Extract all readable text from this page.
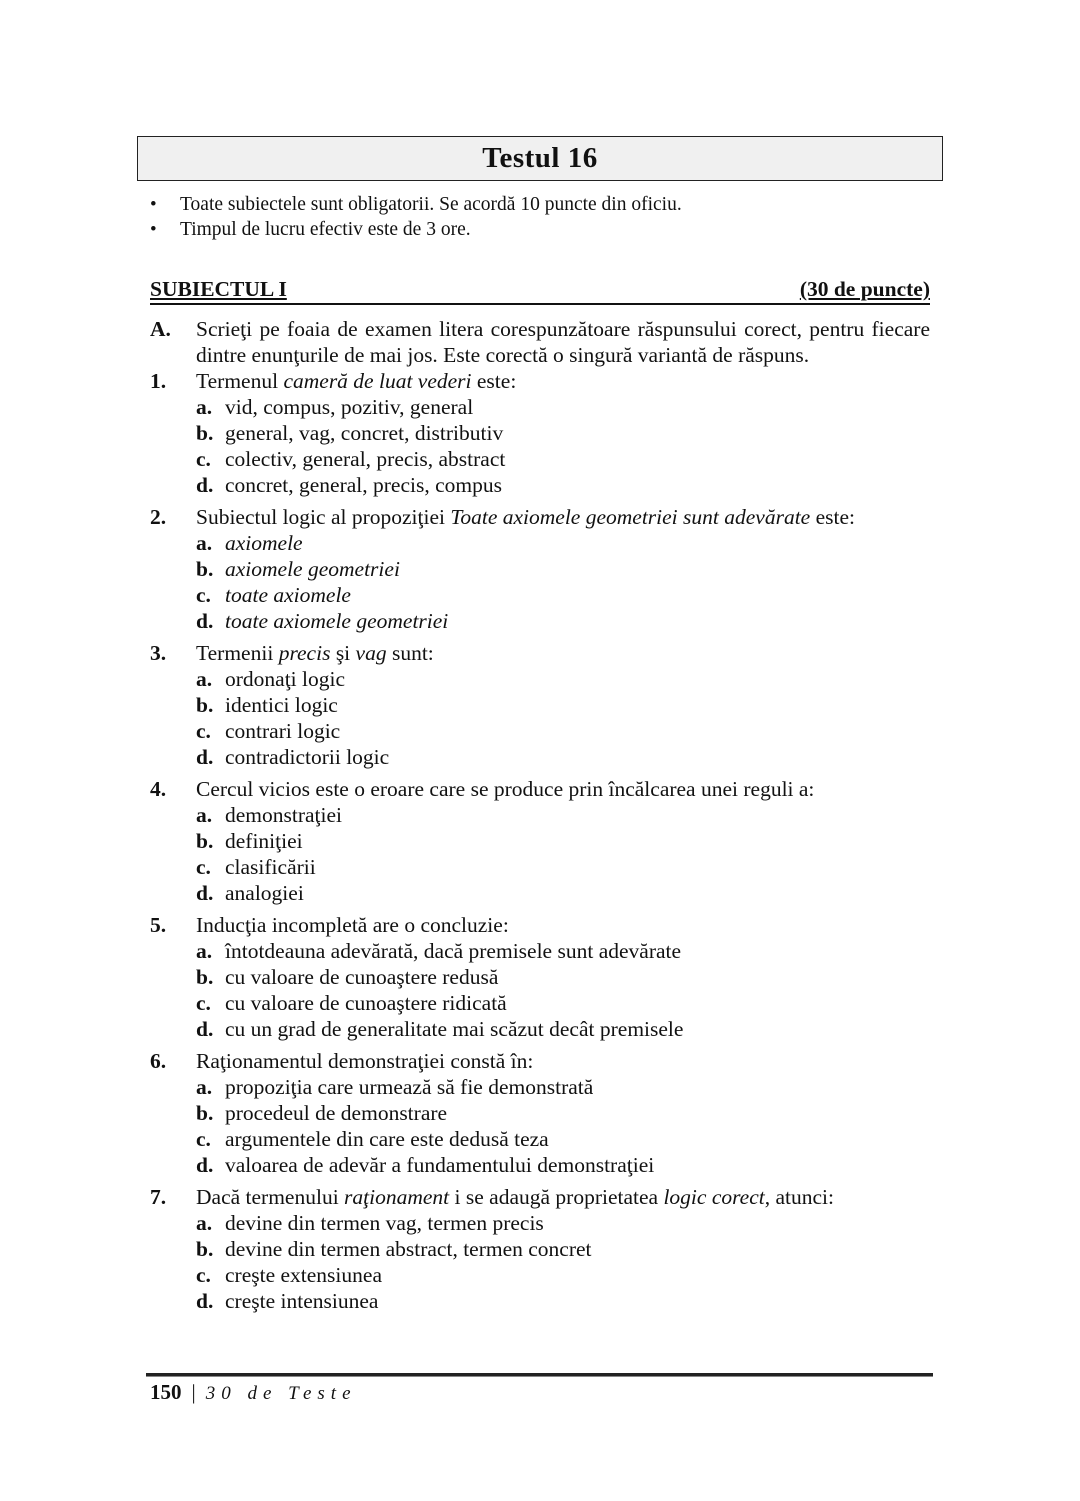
Testul 16
• Toate subiectele sunt obligatorii. Se acordă 10 puncte din oficiu.
• Timpul de lucru efectiv este de 3 ore.
SUBIECTUL I	(30 de puncte)
A. Scrieţi pe foaia de examen litera corespunzătoare răspunsului corect, pentru fiecare dintre enunţurile de mai jos. Este corectă o singură variantă de răspuns.
1. Termenul cameră de luat vederi este:
a. vid, compus, pozitiv, general
b. general, vag, concret, distributiv
c. colectiv, general, precis, abstract
d. concret, general, precis, compus
2. Subiectul logic al propoziţiei Toate axiomele geometriei sunt adevărate este:
a. axiomele
b. axiomele geometriei
c. toate axiomele
d. toate axiomele geometriei
3. Termenii precis şi vag sunt:
a. ordonaţi logic
b. identici logic
c. contrari logic
d. contradictorii logic
4. Cercul vicios este o eroare care se produce prin încălcarea unei reguli a:
a. demonstraţiei
b. definiţiei
c. clasificării
d. analogiei
5. Inducţia incompletă are o concluzie:
a. întotdeauna adevărată, dacă premisele sunt adevărate
b. cu valoare de cunoaştere redusă
c. cu valoare de cunoaştere ridicată
d. cu un grad de generalitate mai scăzut decât premisele
6. Raţionamentul demonstraţiei constă în:
a. propoziţia care urmează să fie demonstrată
b. procedeul de demonstrare
c. argumentele din care este dedusă teza
d. valoarea de adevăr a fundamentului demonstraţiei
7. Dacă termenului raţionament i se adaugă proprietatea logic corect, atunci:
a. devine din termen vag, termen precis
b. devine din termen abstract, termen concret
c. creşte extensiunea
d. creşte intensiunea
150 | 30 de Teste
